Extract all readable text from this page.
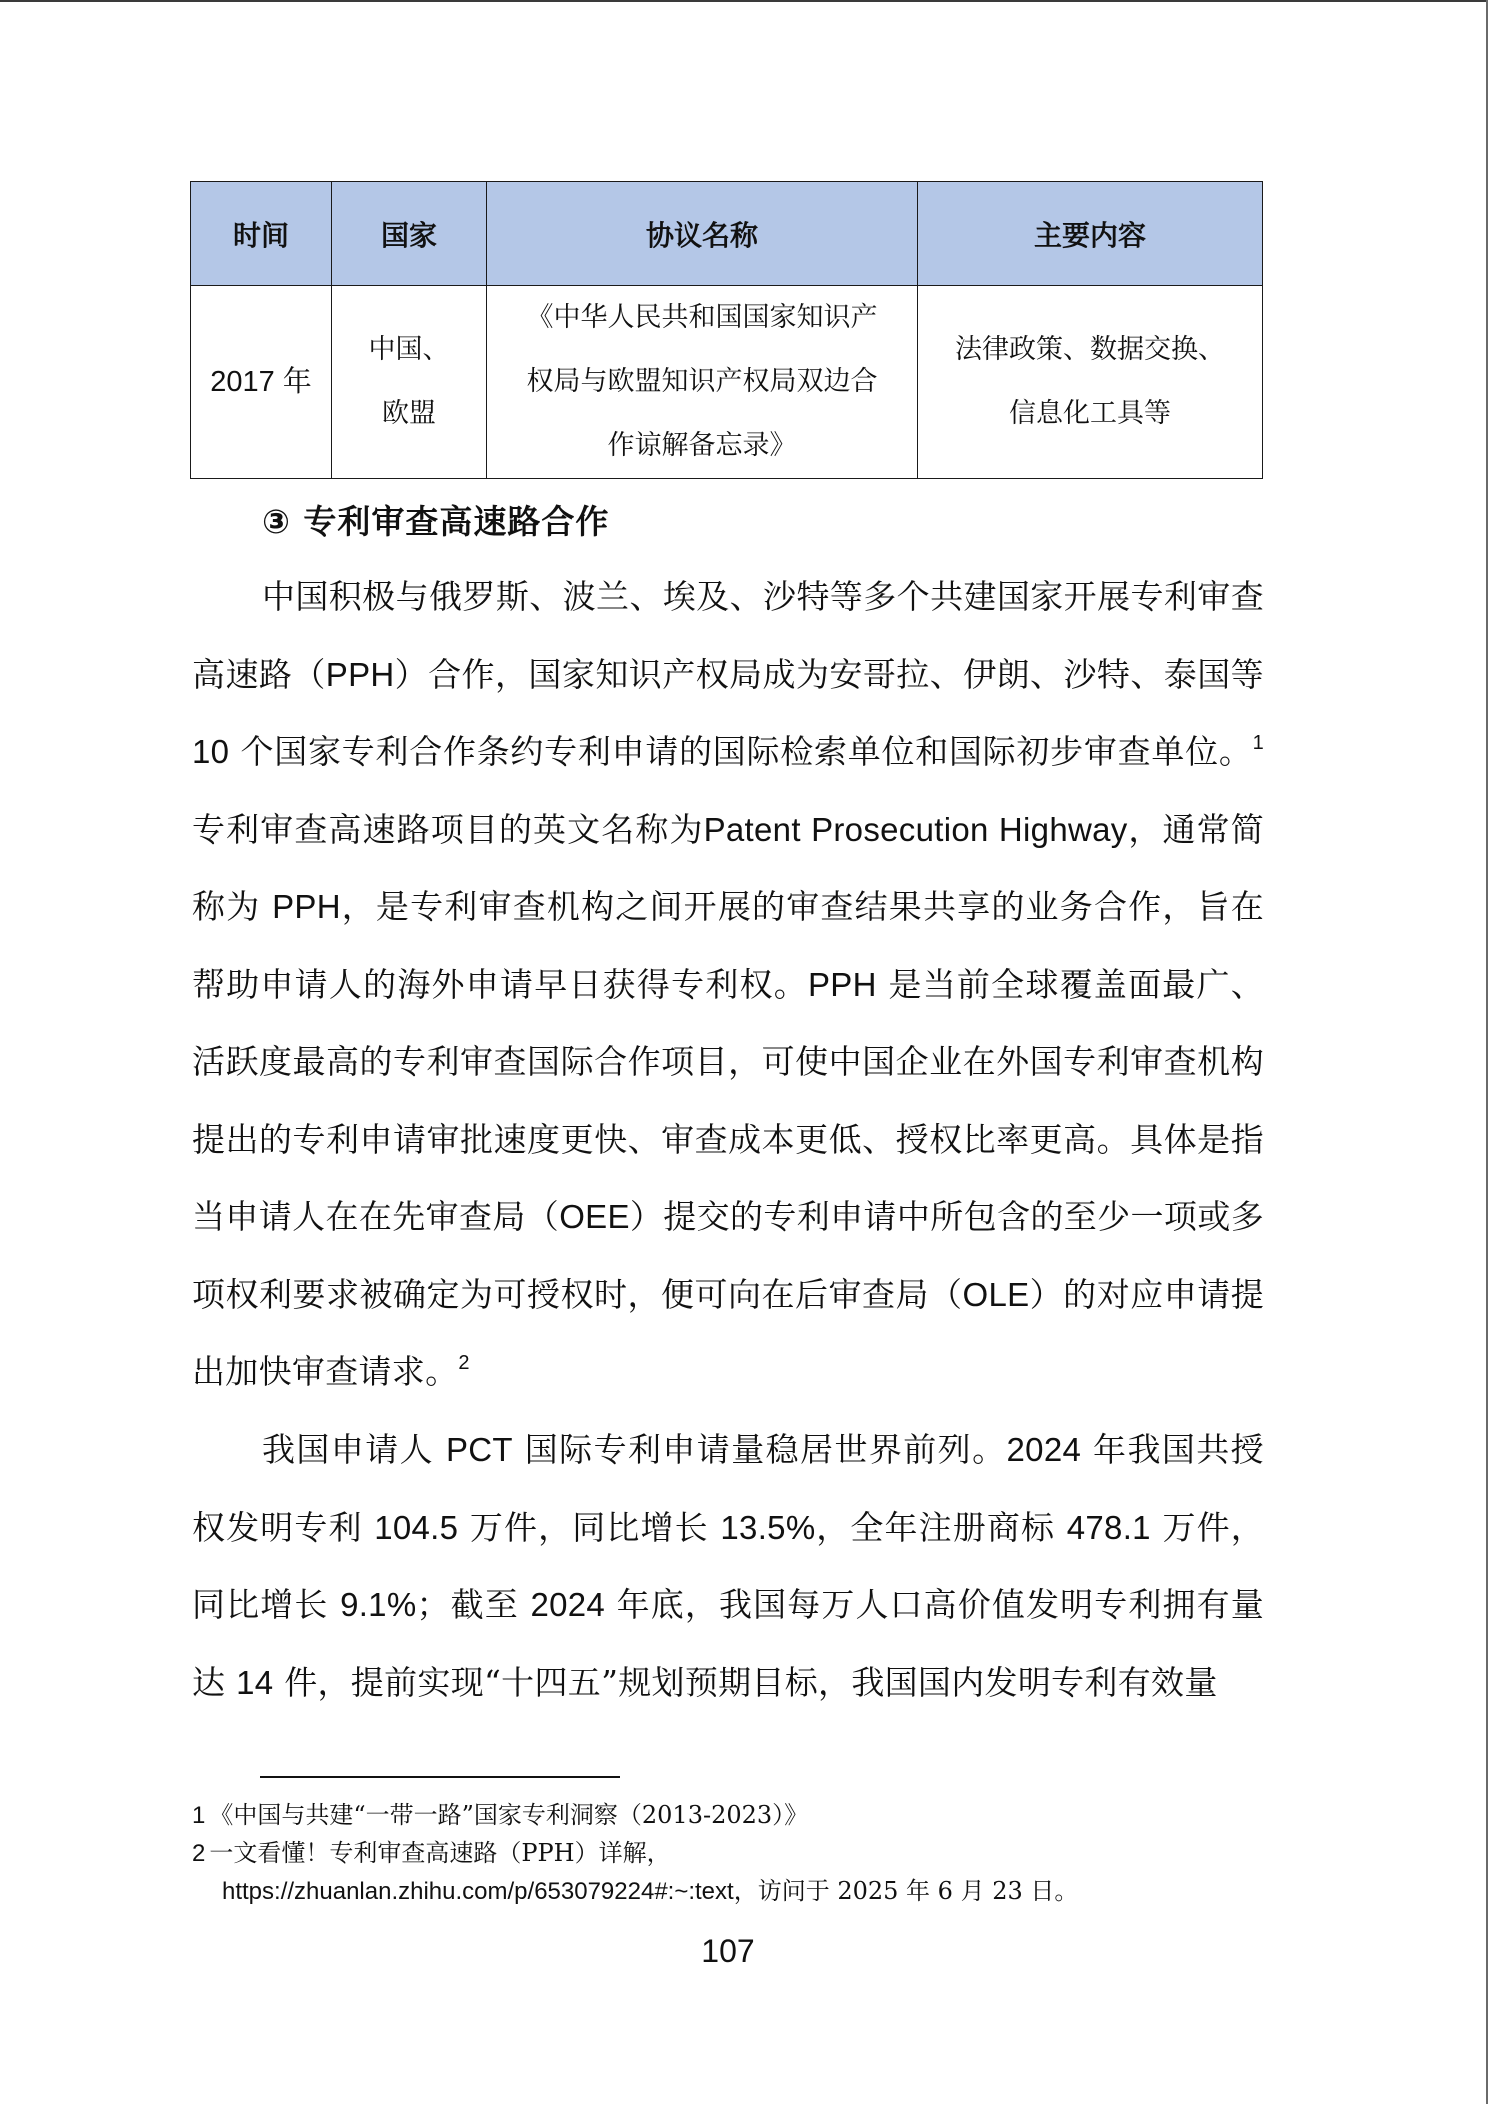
时间	国家	协议名称	主要内容
2017 年	
中国、
欧盟

《中华人民共和国国家知识产
权局与欧盟知识产权局双边合
作谅解备忘录》

法律政策、数据交换、
信息化工具等
③ 专利审查高速路合作

中国积极与俄罗斯、波兰、埃及、沙特等多个共建国家开展专利审查高速路（PPH）合作，国家知识产权局成为安哥拉、伊朗、沙特、泰国等 10 个国家专利合作条约专利申请的国际检索单位和国际初步审查单位。1专利审查高速路项目的英文名称为Patent Prosecution Highway，通常简称为 PPH，是专利审查机构之间开展的审查结果共享的业务合作，旨在帮助申请人的海外申请早日获得专利权。PPH 是当前全球覆盖面最广、活跃度最高的专利审查国际合作项目，可使中国企业在外国专利审查机构提出的专利申请审批速度更快、审查成本更低、授权比率更高。具体是指当申请人在在先审查局（OEE）提交的专利申请中所包含的至少一项或多项权利要求被确定为可授权时，便可向在后审查局（OLE）的对应申请提出加快审查请求。2

我国申请人 PCT 国际专利申请量稳居世界前列。2024 年我国共授权发明专利 104.5 万件，同比增长 13.5%，全年注册商标 478.1 万件，同比增长 9.1%；截至 2024 年底，我国每万人口高价值发明专利拥有量达 14 件，提前实现“十四五”规划预期目标，我国国内发明专利有效量

1 《中国与共建“一带一路”国家专利洞察（2013-2023）》
2 一文看懂！专利审查高速路（PPH）详解，
https://zhuanlan.zhihu.com/p/653079224#:~:text，访问于 2025 年 6 月 23 日。
107
